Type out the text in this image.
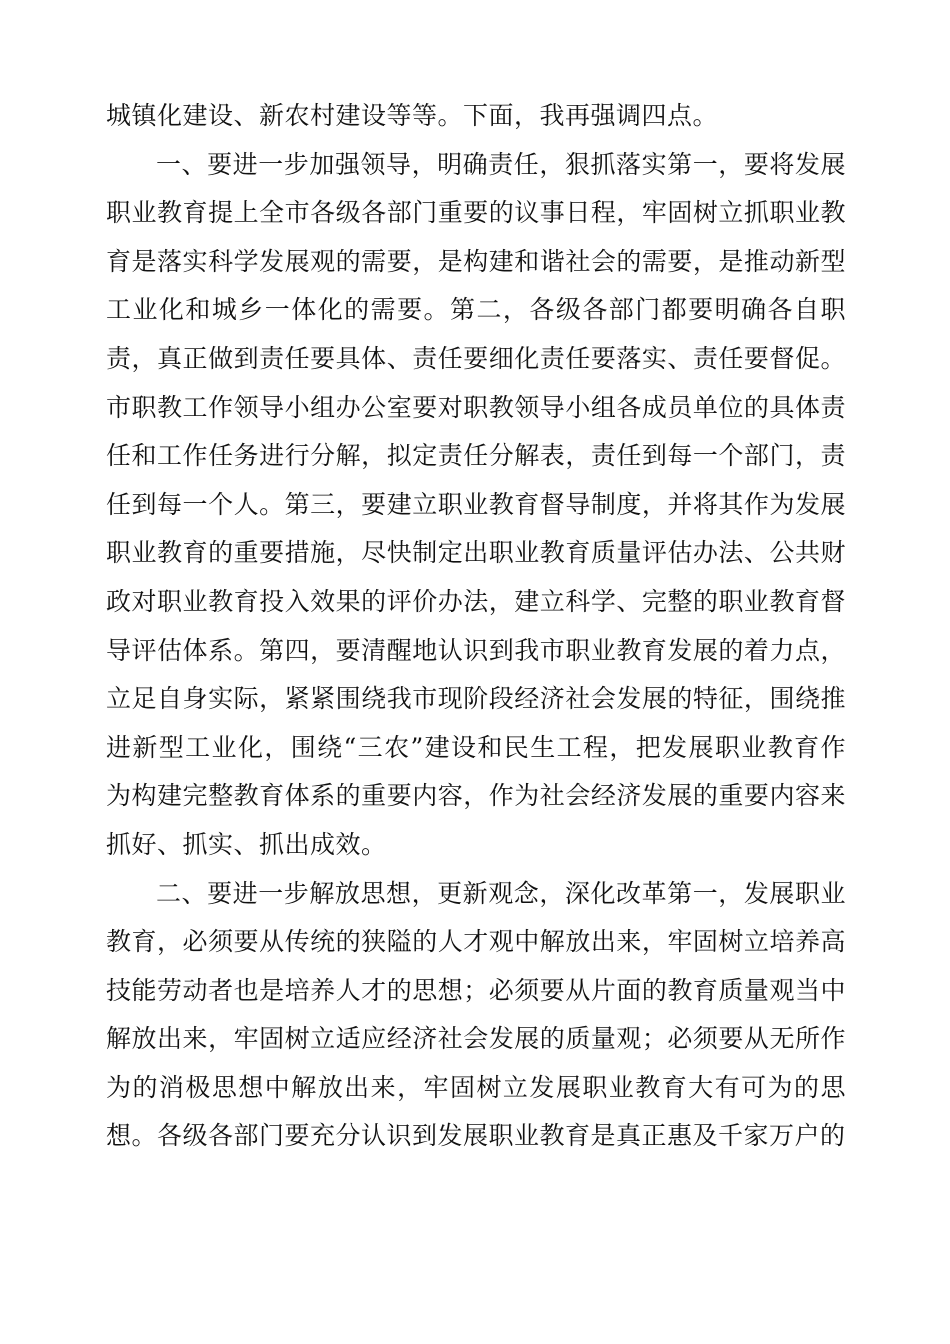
城镇化建设、新农村建设等等。下面，我再强调四点。

一、要进一步加强领导，明确责任，狠抓落实第一，要将发展职业教育提上全市各级各部门重要的议事日程，牢固树立抓职业教育是落实科学发展观的需要，是构建和谐社会的需要，是推动新型工业化和城乡一体化的需要。第二，各级各部门都要明确各自职责，真正做到责任要具体、责任要细化责任要落实、责任要督促。市职教工作领导小组办公室要对职教领导小组各成员单位的具体责任和工作任务进行分解，拟定责任分解表，责任到每一个部门，责任到每一个人。第三，要建立职业教育督导制度，并将其作为发展职业教育的重要措施，尽快制定出职业教育质量评估办法、公共财政对职业教育投入效果的评价办法，建立科学、完整的职业教育督导评估体系。第四，要清醒地认识到我市职业教育发展的着力点，立足自身实际，紧紧围绕我市现阶段经济社会发展的特征，围绕推进新型工业化，围绕“三农”建设和民生工程，把发展职业教育作为构建完整教育体系的重要内容，作为社会经济发展的重要内容来抓好、抓实、抓出成效。

二、要进一步解放思想，更新观念，深化改革第一，发展职业教育，必须要从传统的狭隘的人才观中解放出来，牢固树立培养高技能劳动者也是培养人才的思想；必须要从片面的教育质量观当中解放出来，牢固树立适应经济社会发展的质量观；必须要从无所作为的消极思想中解放出来，牢固树立发展职业教育大有可为的思想。各级各部门要充分认识到发展职业教育是真正惠及千家万户的
